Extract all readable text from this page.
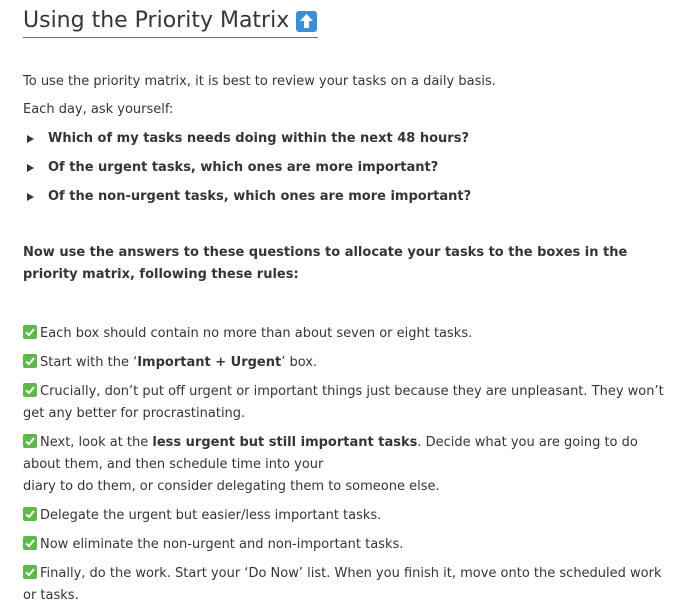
Using the Priority Matrix

To use the priority matrix, it is best to review your tasks on a daily basis.

Each day, ask yourself:

Which of my tasks needs doing within the next 48 hours?
Of the urgent tasks, which ones are more important?
Of the non-urgent tasks, which ones are more important?

Now use the answers to these questions to allocate your tasks to the boxes in the priority matrix, following these rules:

Each box should contain no more than about seven or eight tasks.
Start with the ‘Important + Urgent’ box.
Crucially, don’t put off urgent or important things just because they are unpleasant. They won’t get any better for procrastinating.
Next, look at the less urgent but still important tasks. Decide what you are going to do about them, and then schedule time into your
diary to do them, or consider delegating them to someone else.
Delegate the urgent but easier/less important tasks.
Now eliminate the non-urgent and non-important tasks.
Finally, do the work. Start your ‘Do Now’ list. When you finish it, move onto the scheduled work or tasks.
